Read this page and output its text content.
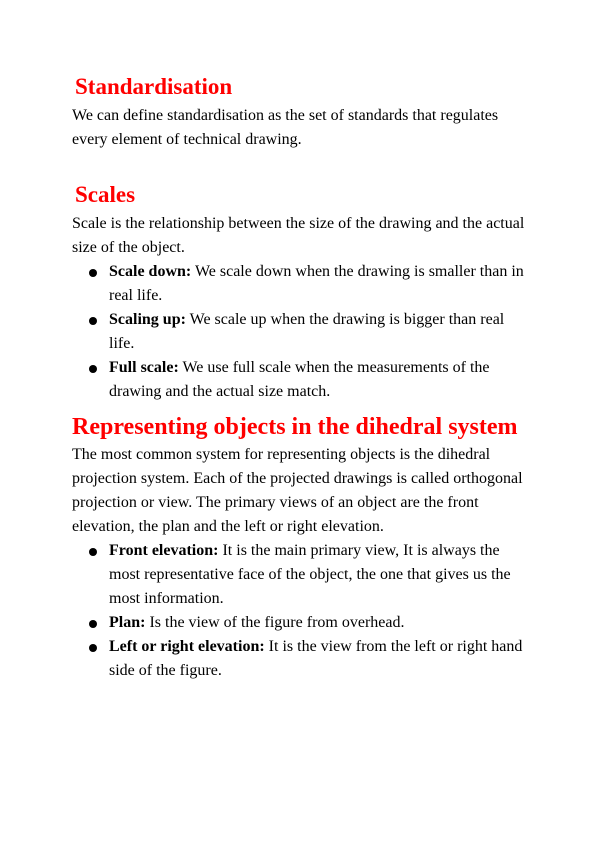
Standardisation

We can define standardisation as the set of standards that regulates every element of technical drawing.

Scales

Scale is the relationship between the size of the drawing and the actual size of the object.

Scale down: We scale down when the drawing is smaller than in real life.
Scaling up: We scale up when the drawing is bigger than real life.
Full scale: We use full scale when the measurements of the drawing and the actual size match.
Representing objects in the dihedral system

The most common system for representing objects is the dihedral projection system. Each of the projected drawings is called orthogonal projection or view. The primary views of an object are the front elevation, the plan and the left or right elevation.

Front elevation: It is the main primary view, It is always the most representative face of the object, the one that gives us the most information.
Plan: Is the view of the figure from overhead.
Left or right elevation: It is the view from the left or right hand side of the figure.
